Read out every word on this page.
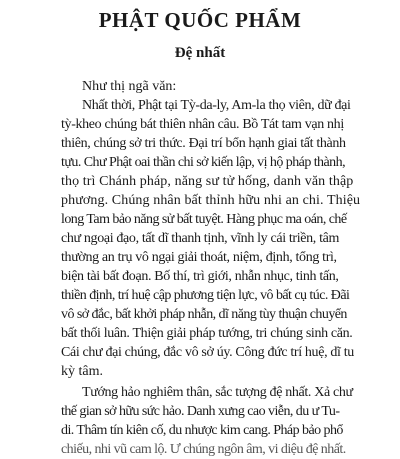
PHẬT QUỐC PHẨM
Đệ nhất
Như thị ngã văn:
Nhất thời, Phật tại Tỳ-da-ly, Am-la thọ viên, dữ đại
tỳ-kheo chúng bát thiên nhân câu. Bồ Tát tam vạn nhị
thiên, chúng sở tri thức. Đại trí bổn hạnh giai tất thành
tựu. Chư Phật oai thần chi sở kiến lập, vị hộ pháp thành,
thọ trì Chánh pháp, năng sư tử hống, danh văn thập
phương. Chúng nhân bất thỉnh hữu nhi an chi. Thiệu
long Tam bảo năng sử bất tuyệt. Hàng phục ma oán, chế
chư ngoại đạo, tất dĩ thanh tịnh, vĩnh ly cái triền, tâm
thường an trụ vô ngại giải thoát, niệm, định, tổng trì,
biện tài bất đoạn. Bố thí, trì giới, nhẫn nhục, tinh tấn,
thiền định, trí huệ cập phương tiện lực, vô bất cụ túc. Đãi
vô sở đắc, bất khởi pháp nhẫn, dĩ năng tùy thuận chuyển
bất thối luân. Thiện giải pháp tướng, tri chúng sinh căn.
Cái chư đại chúng, đắc vô sở úy. Công đức trí huệ, dĩ tu
kỳ tâm.
Tướng hảo nghiêm thân, sắc tượng đệ nhất. Xả chư
thế gian sở hữu sức hảo. Danh xưng cao viễn, du ư Tu-
di. Thâm tín kiên cố, du nhược kim cang. Pháp bảo phổ
chiếu, nhi vũ cam lộ. Ư chúng ngôn âm, vi diệu đệ nhất.
